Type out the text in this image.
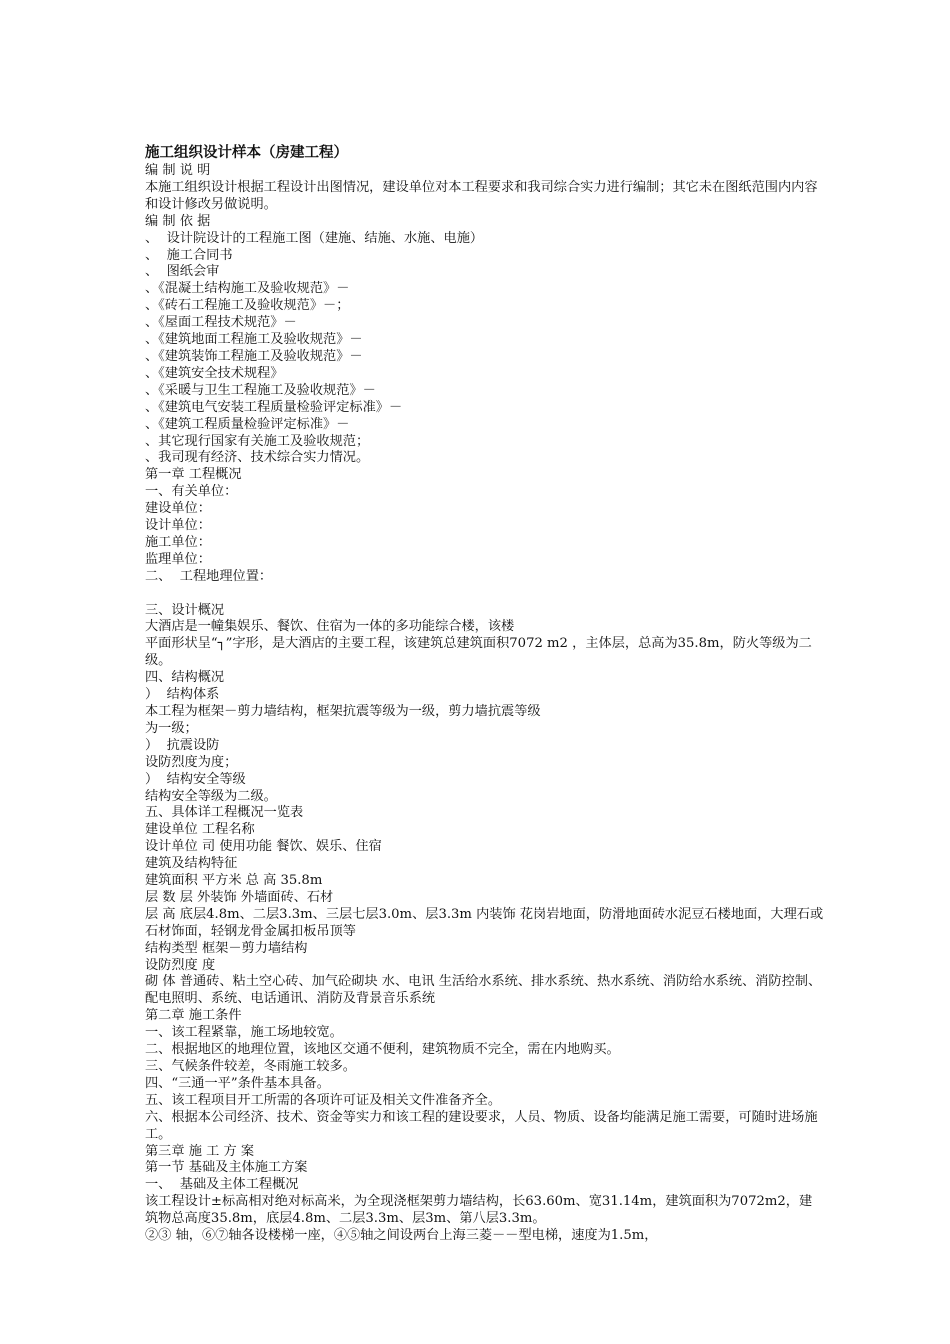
施工组织设计样本（房建工程）
编 制 说 明
本施工组织设计根据工程设计出图情况，建设单位对本工程要求和我司综合实力进行编制；其它未在图纸范围内内容和设计修改另做说明。
编 制 依 据
、  设计院设计的工程施工图（建施、结施、水施、电施）
、  施工合同书
、  图纸会审
、《混凝土结构施工及验收规范》－
、《砖石工程施工及验收规范》－；
、《屋面工程技术规范》－
、《建筑地面工程施工及验收规范》－
、《建筑装饰工程施工及验收规范》－
、《建筑安全技术规程》
、《采暖与卫生工程施工及验收规范》－
、《建筑电气安装工程质量检验评定标准》－
、《建筑工程质量检验评定标准》－
、其它现行国家有关施工及验收规范；
、我司现有经济、技术综合实力情况。
第一章 工程概况
一、有关单位：
建设单位：
设计单位：
施工单位：
监理单位：
二、  工程地理位置：
三、设计概况
大酒店是一幢集娱乐、餐饮、住宿为一体的多功能综合楼，该楼
平面形状呈“┐”字形，是大酒店的主要工程，该建筑总建筑面积7072 m2 ，主体层，总高为35.8m，防火等级为二级。
四、结构概况
）  结构体系
本工程为框架－剪力墙结构，框架抗震等级为一级，剪力墙抗震等级
为一级；
）  抗震设防
设防烈度为度；
）  结构安全等级
结构安全等级为二级。
五、具体详工程概况一览表
建设单位 工程名称
设计单位 司 使用功能 餐饮、娱乐、住宿
建筑及结构特征
建筑面积 平方米 总 高 35.8m
层 数 层 外装饰 外墙面砖、石材
层 高 底层4.8m、二层3.3m、三层七层3.0m、层3.3m 内装饰 花岗岩地面，防滑地面砖水泥豆石楼地面，大理石或石材饰面，轻钢龙骨金属扣板吊顶等
结构类型 框架－剪力墙结构
设防烈度 度
砌 体 普通砖、粘土空心砖、加气砼砌块 水、电讯 生活给水系统、排水系统、热水系统、消防给水系统、消防控制、配电照明、系统、电话通讯、消防及背景音乐系统
第二章 施工条件
一、该工程紧靠，施工场地较宽。
二、根据地区的地理位置，该地区交通不便利，建筑物质不完全，需在内地购买。
三、气候条件较差，冬雨施工较多。
四、“三通一平”条件基本具备。
五、该工程项目开工所需的各项许可证及相关文件准备齐全。
六、根据本公司经济、技术、资金等实力和该工程的建设要求，人员、物质、设备均能满足施工需要，可随时进场施工。
第三章 施 工 方 案
第一节 基础及主体施工方案
一、  基础及主体工程概况
该工程设计±标高相对绝对标高米，为全现浇框架剪力墙结构，长63.60m、宽31.14m，建筑面积为7072m2，建筑物总高度35.8m，底层4.8m、二层3.3m、层3m、第八层3.3m。
②③ 轴，⑥⑦轴各设楼梯一座，④⑤轴之间设两台上海三菱－－型电梯，速度为1.5m，
